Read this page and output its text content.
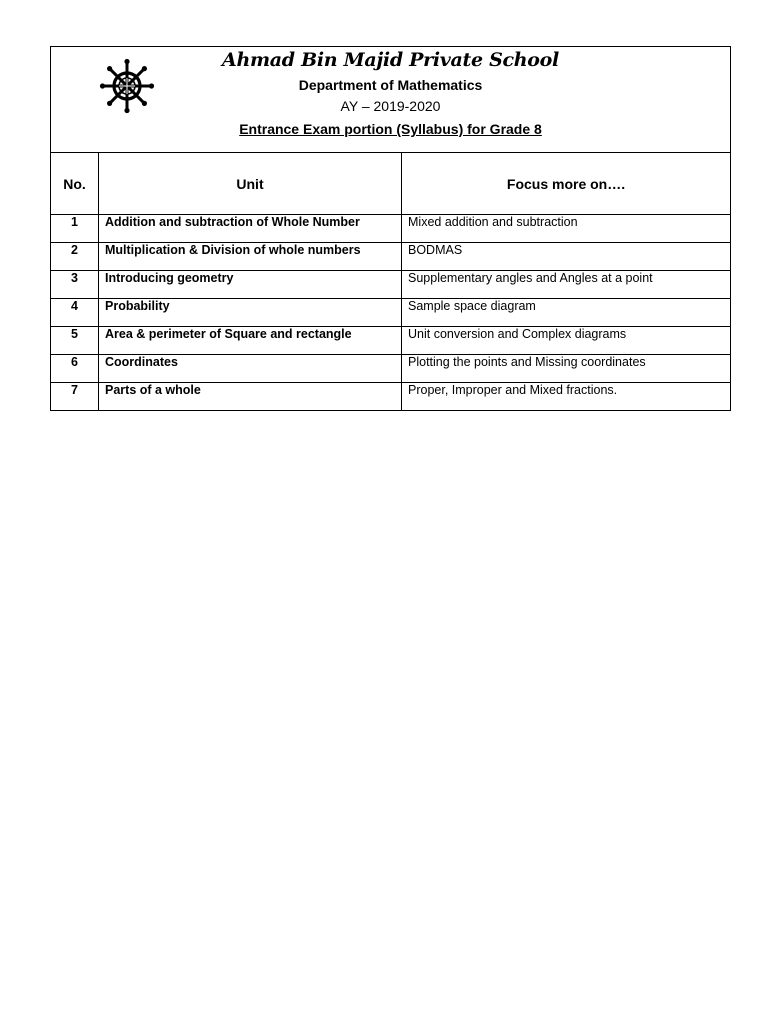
Ahmad Bin Majid Private School
Department of Mathematics
AY – 2019-2020
Entrance Exam portion (Syllabus) for Grade 8		

No.	Unit	Focus more on….
1	Addition and subtraction of Whole Number	Mixed addition and subtraction
2	Multiplication & Division of whole numbers	BODMAS
3	Introducing geometry	Supplementary angles and Angles at a point
4	Probability	Sample space diagram
5	Area & perimeter of Square and rectangle	Unit conversion and Complex diagrams
6	Coordinates	Plotting the points and Missing coordinates
7	Parts of a whole	Proper, Improper and Mixed fractions.
